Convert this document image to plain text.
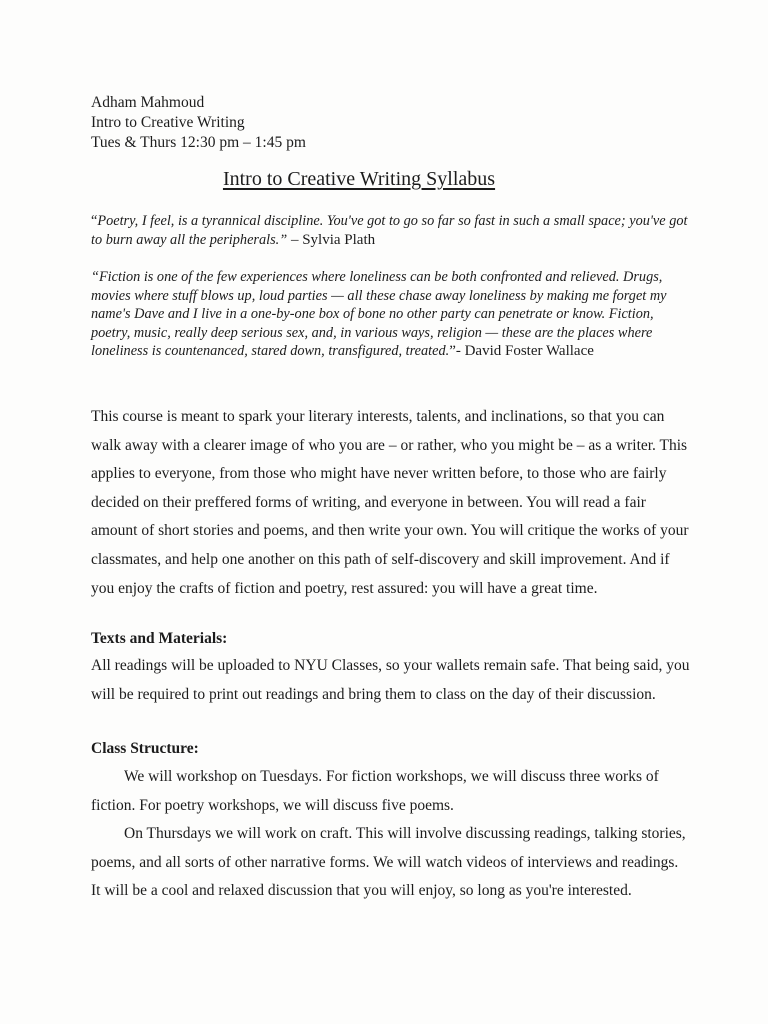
Adham Mahmoud
Intro to Creative Writing
Tues & Thurs 12:30 pm – 1:45 pm
Intro to Creative Writing Syllabus
“Poetry, I feel, is a tyrannical discipline. You've got to go so far so fast in such a small space; you've got to burn away all the peripherals.” – Sylvia Plath
“Fiction is one of the few experiences where loneliness can be both confronted and relieved. Drugs, movies where stuff blows up, loud parties — all these chase away loneliness by making me forget my name's Dave and I live in a one-by-one box of bone no other party can penetrate or know. Fiction, poetry, music, really deep serious sex, and, in various ways, religion — these are the places where loneliness is countenanced, stared down, transfigured, treated.”- David Foster Wallace
This course is meant to spark your literary interests, talents, and inclinations, so that you can walk away with a clearer image of who you are – or rather, who you might be – as a writer. This applies to everyone, from those who might have never written before, to those who are fairly decided on their preffered forms of writing, and everyone in between. You will read a fair amount of short stories and poems, and then write your own. You will critique the works of your classmates, and help one another on this path of self-discovery and skill improvement. And if you enjoy the crafts of fiction and poetry, rest assured: you will have a great time.
Texts and Materials:
All readings will be uploaded to NYU Classes, so your wallets remain safe. That being said, you will be required to print out readings and bring them to class on the day of their discussion.
Class Structure:
We will workshop on Tuesdays. For fiction workshops, we will discuss three works of fiction. For poetry workshops, we will discuss five poems.
On Thursdays we will work on craft. This will involve discussing readings, talking stories, poems, and all sorts of other narrative forms. We will watch videos of interviews and readings. It will be a cool and relaxed discussion that you will enjoy, so long as you're interested.
